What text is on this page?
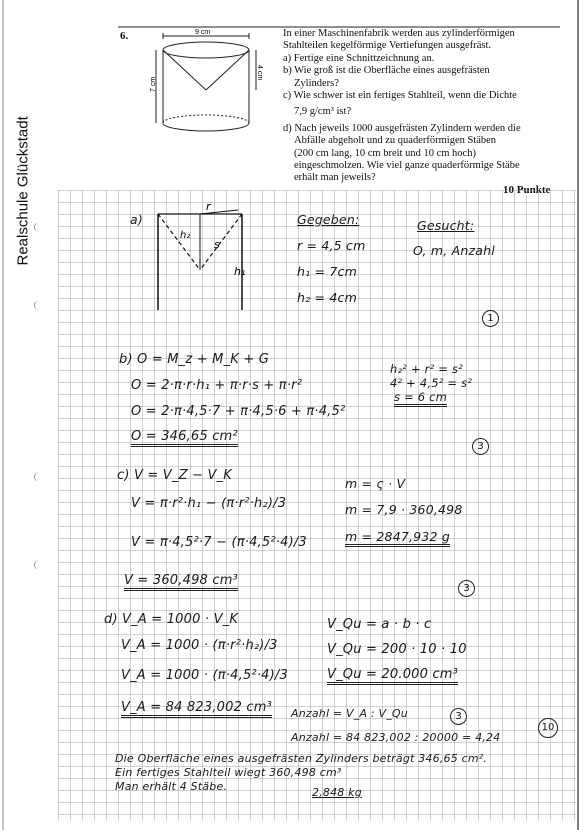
Realschule Glückstadt
6.	9 cm
7 cm
4 cm

In einer Maschinenfabrik werden aus zylinderförmigen

Stahlteilen kegelförmige Vertiefungen ausgefräst.

a) Fertige eine Schnittzeichnung an.

b) Wie groß ist die Oberfläche eines ausgefrästen

Zylinders?

c) Wie schwer ist ein fertiges Stahlteil, wenn die Dichte

7,9 g/cm³ ist?

d) Nach jeweils 1000 ausgefrästen Zylindern werden die

Abfälle abgeholt und zu quaderförmigen Stäben

(200 cm lang, 10 cm breit und 10 cm hoch)

eingeschmolzen. Wie viel ganze quaderförmige Stäbe

erhält man jeweils?

a)
r
h₂
s
h₁
Gegeben:
r = 4,5 cm
h₁ = 7cm
h₂ = 4cm
Gesucht:
O, m, Anzahl
1
b) O = M_z + M_K + G
O = 2·π·r·h₁ + π·r·s + π·r²
O = 2·π·4,5·7 + π·4,5·6 + π·4,5²
O = 346,65 cm²
h₂² + r² = s²
4² + 4,5² = s²
s = 6 cm
3
c) V = V_Z − V_K
V = π·r²·h₁ − (π·r²·h₂)/3
V = π·4,5²·7 − (π·4,5²·4)/3
V = 360,498 cm³
m = ς · V
m = 7,9 · 360,498
m = 2847,932 g
3
d) V_A = 1000 · V_K
V_A = 1000 · (π·r²·h₂)/3
V_A = 1000 · (π·4,5²·4)/3
V_A = 84 823,002 cm³
V_Qu = a · b · c
V_Qu = 200 · 10 · 10
V_Qu = 20.000 cm³
Anzahl = V_A : V_Qu
Anzahl = 84 823,002 : 20000 = 4,24
3
10
Die Oberfläche eines ausgefrästen Zylinders beträgt 346,65 cm².
Ein fertiges Stahlteil wiegt 360,498 cm³
Man erhält 4 Stäbe.	2,848 kg
